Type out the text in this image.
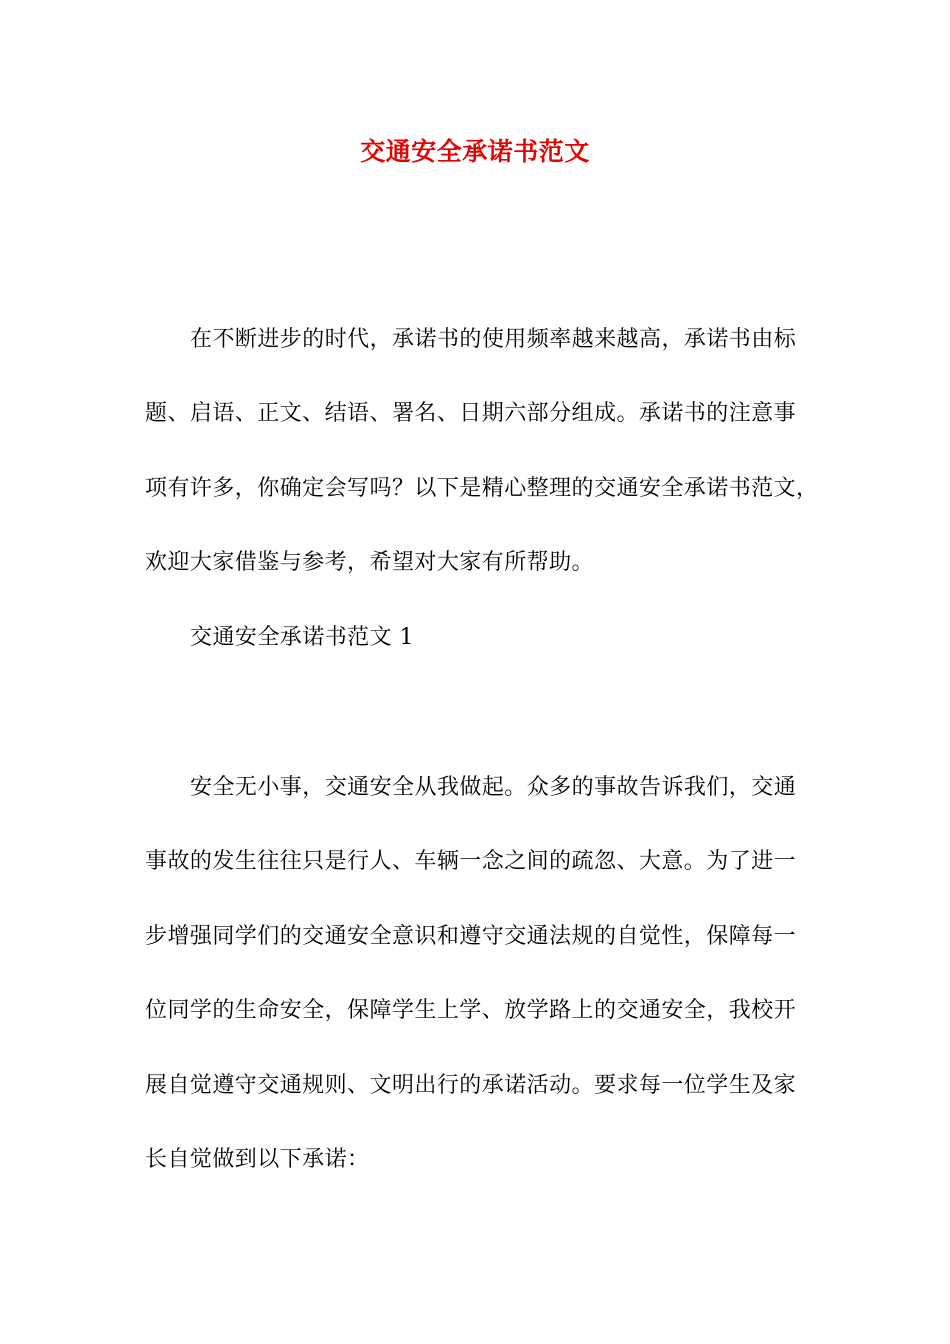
交通安全承诺书范文
在不断进步的时代，承诺书的使用频率越来越高，承诺书由标
题、启语、正文、结语、署名、日期六部分组成。承诺书的注意事
项有许多，你确定会写吗？以下是精心整理的交通安全承诺书范文，
欢迎大家借鉴与参考，希望对大家有所帮助。
交通安全承诺书范文 1
安全无小事，交通安全从我做起。众多的事故告诉我们，交通
事故的发生往往只是行人、车辆一念之间的疏忽、大意。为了进一
步增强同学们的交通安全意识和遵守交通法规的自觉性，保障每一
位同学的生命安全，保障学生上学、放学路上的交通安全，我校开
展自觉遵守交通规则、文明出行的承诺活动。要求每一位学生及家
长自觉做到以下承诺：
